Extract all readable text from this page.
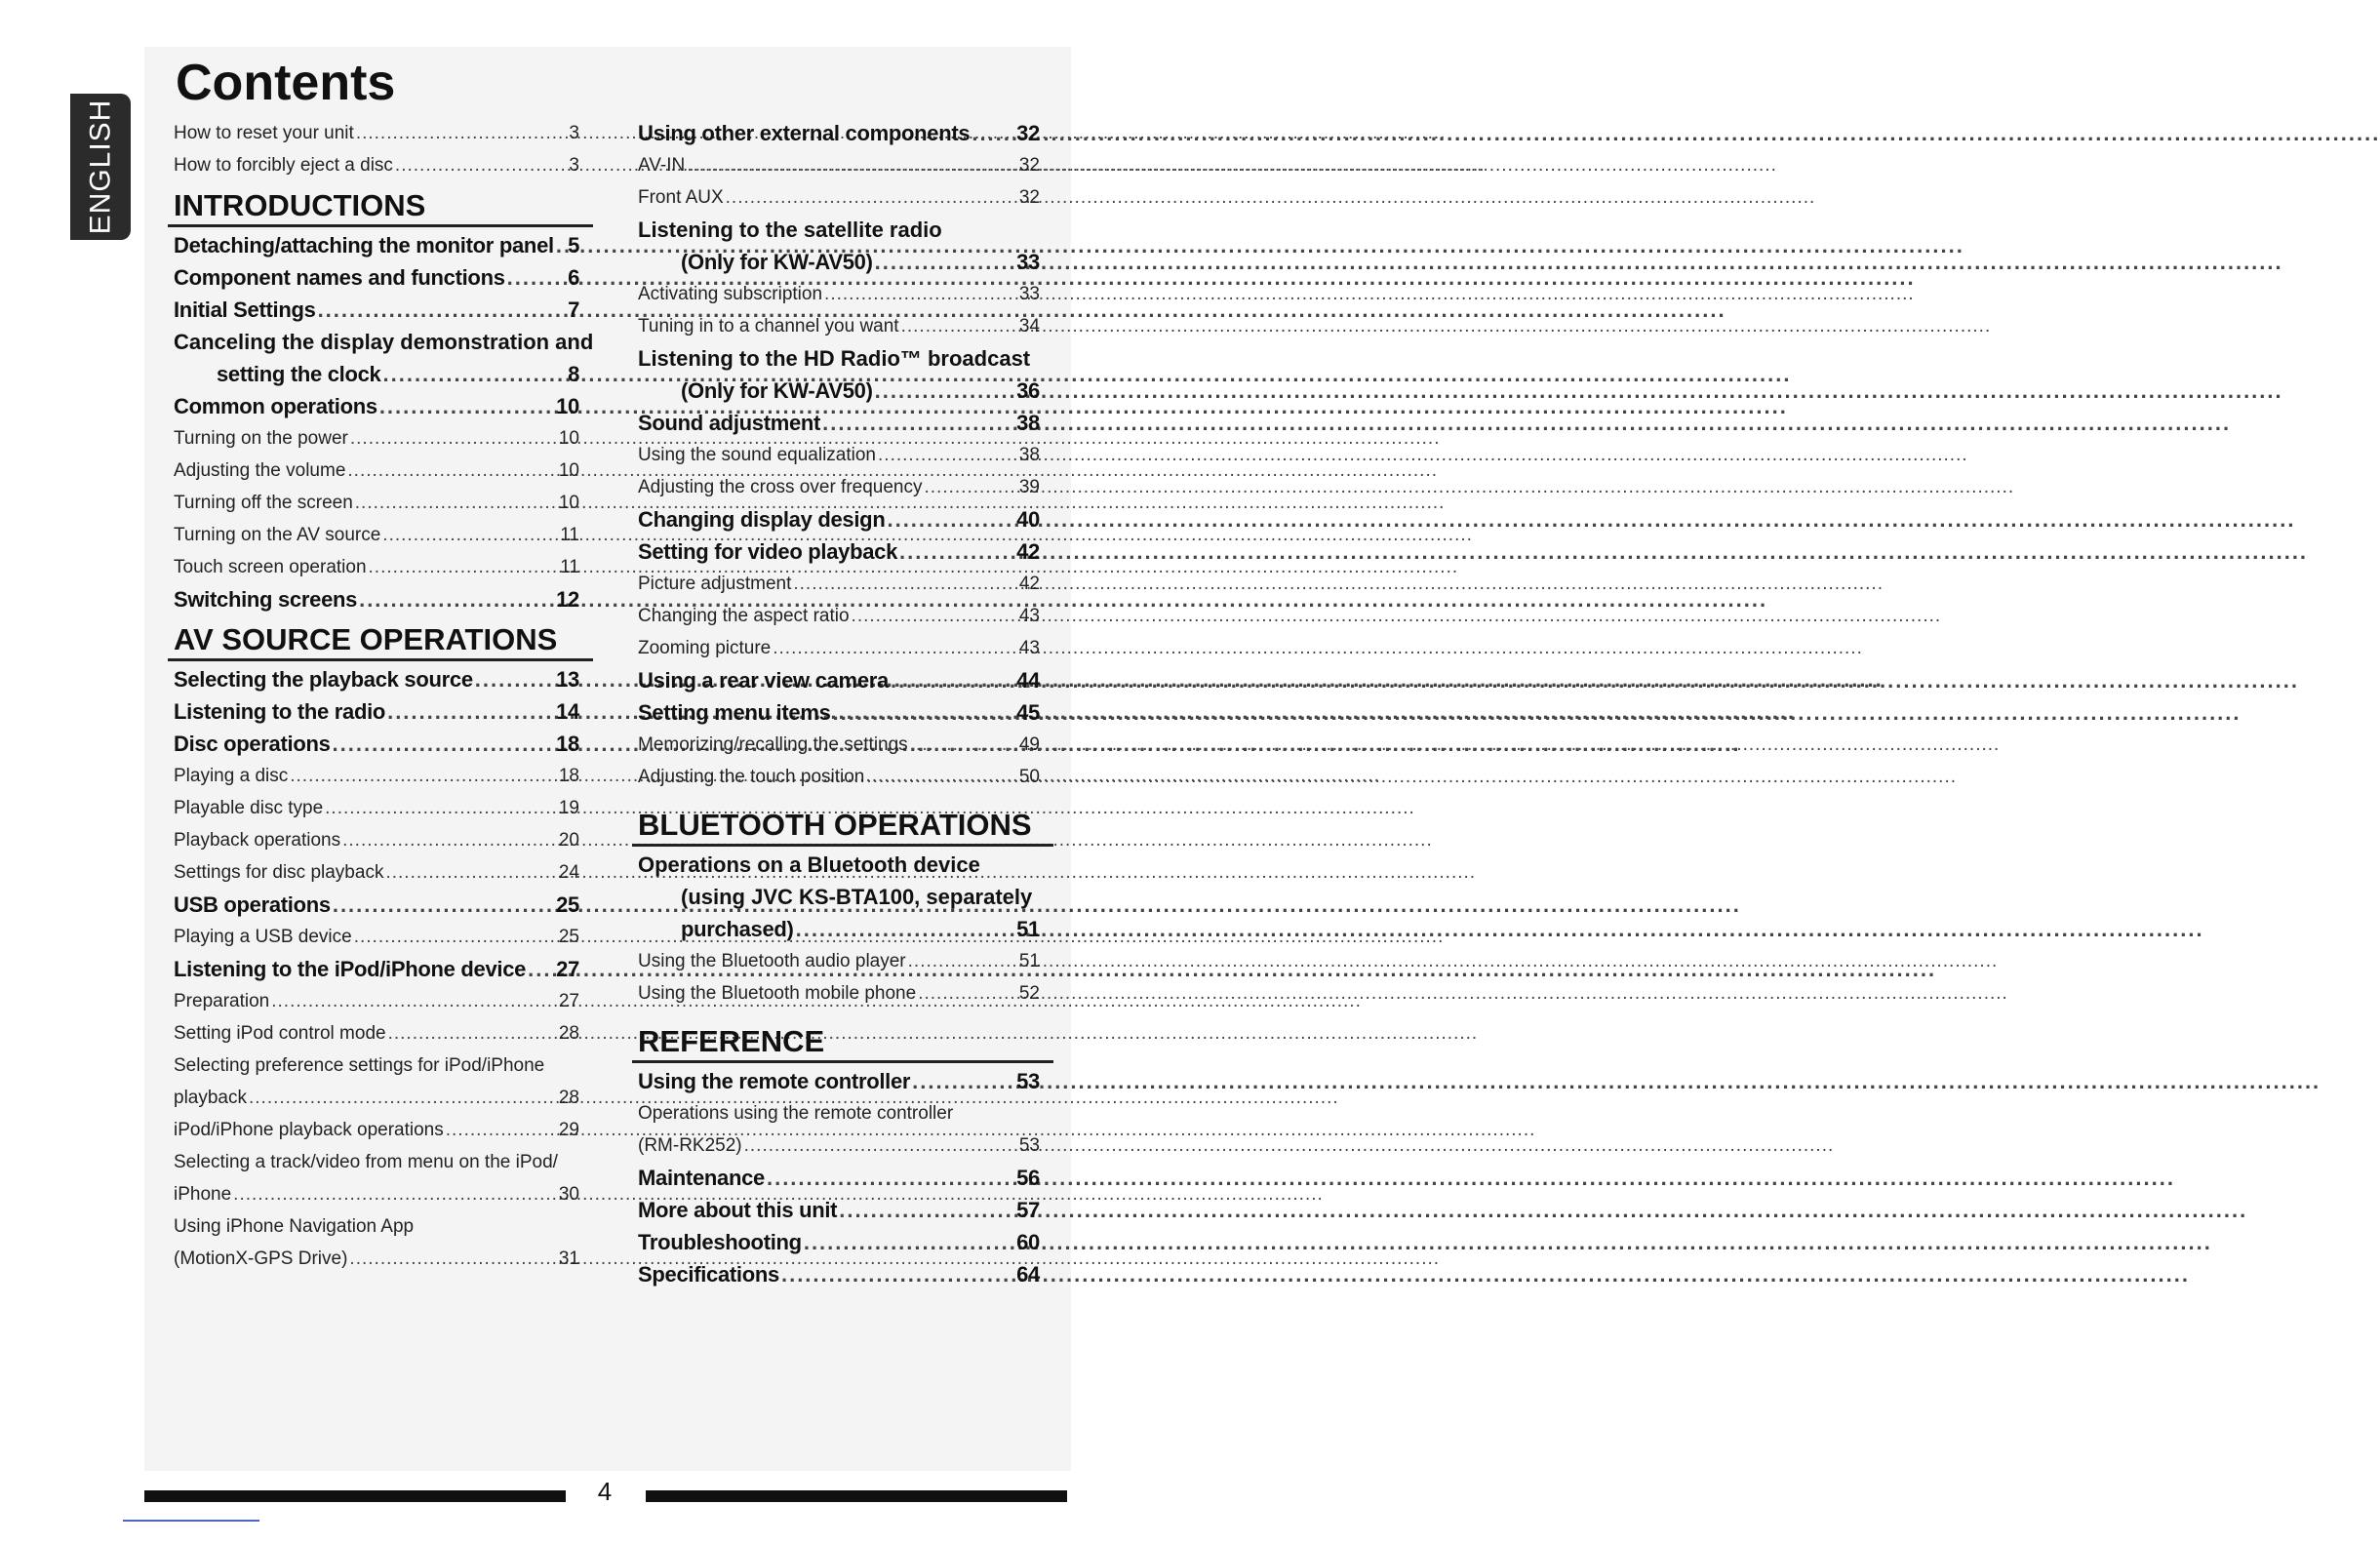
ENGLISH
Contents
How to reset your unit .....	3
How to forcibly eject a disc .....	3
INTRODUCTIONS
Detaching/attaching the monitor panel ..... 5
Component names and functions .....	6
Initial Settings .....	7
Canceling the display demonstration and
setting the clock .....	8
Common operations .....	10
Turning on the power .....	10
Adjusting the volume .....	10
Turning off the screen .....	10
Turning on the AV source .....	11
Touch screen operation .....	11
Switching screens .....	12
AV SOURCE OPERATIONS
Selecting the playback source .....	13
Listening to the radio .....	14
Disc operations .....	18
Playing a disc .....	18
Playable disc type .....	19
Playback operations .....	20
Settings for disc playback .....	24
USB operations .....	25
Playing a USB device .....	25
Listening to the iPod/iPhone device ..... 27
Preparation .....	27
Setting iPod control mode .....	28
Selecting preference settings for iPod/iPhone
playback .....	28
iPod/iPhone playback operations .....	29
Selecting a track/video from menu on the iPod/
iPhone .....	30
Using iPhone Navigation App
(MotionX-GPS Drive) .....	31
Using other external components ..... 32
AV-IN .....	32
Front AUX .....	32
Listening to the satellite radio
(Only for KW-AV50) .....	33
Activating subscription .....	33
Tuning in to a channel you want .....	34
Listening to the HD Radio™ broadcast
(Only for KW-AV50) .....	36
Sound adjustment .....	38
Using the sound equalization .....	38
Adjusting the cross over frequency .....	39
Changing display design .....	40
Setting for video playback .....	42
Picture adjustment .....	42
Changing the aspect ratio .....	43
Zooming picture .....	43
Using a rear view camera .....	44
Setting menu items .....	45
Memorizing/recalling the settings .....	49
Adjusting the touch position .....	50
BLUETOOTH OPERATIONS
Operations on a Bluetooth device
(using JVC KS-BTA100, separately
purchased) .....	51
Using the Bluetooth audio player .....	51
Using the Bluetooth mobile phone .....	52
REFERENCE
Using the remote controller .....	53
Operations using the remote controller
(RM-RK252) .....	53
Maintenance .....	56
More about this unit .....	57
Troubleshooting .....	60
Specifications .....	64
4
